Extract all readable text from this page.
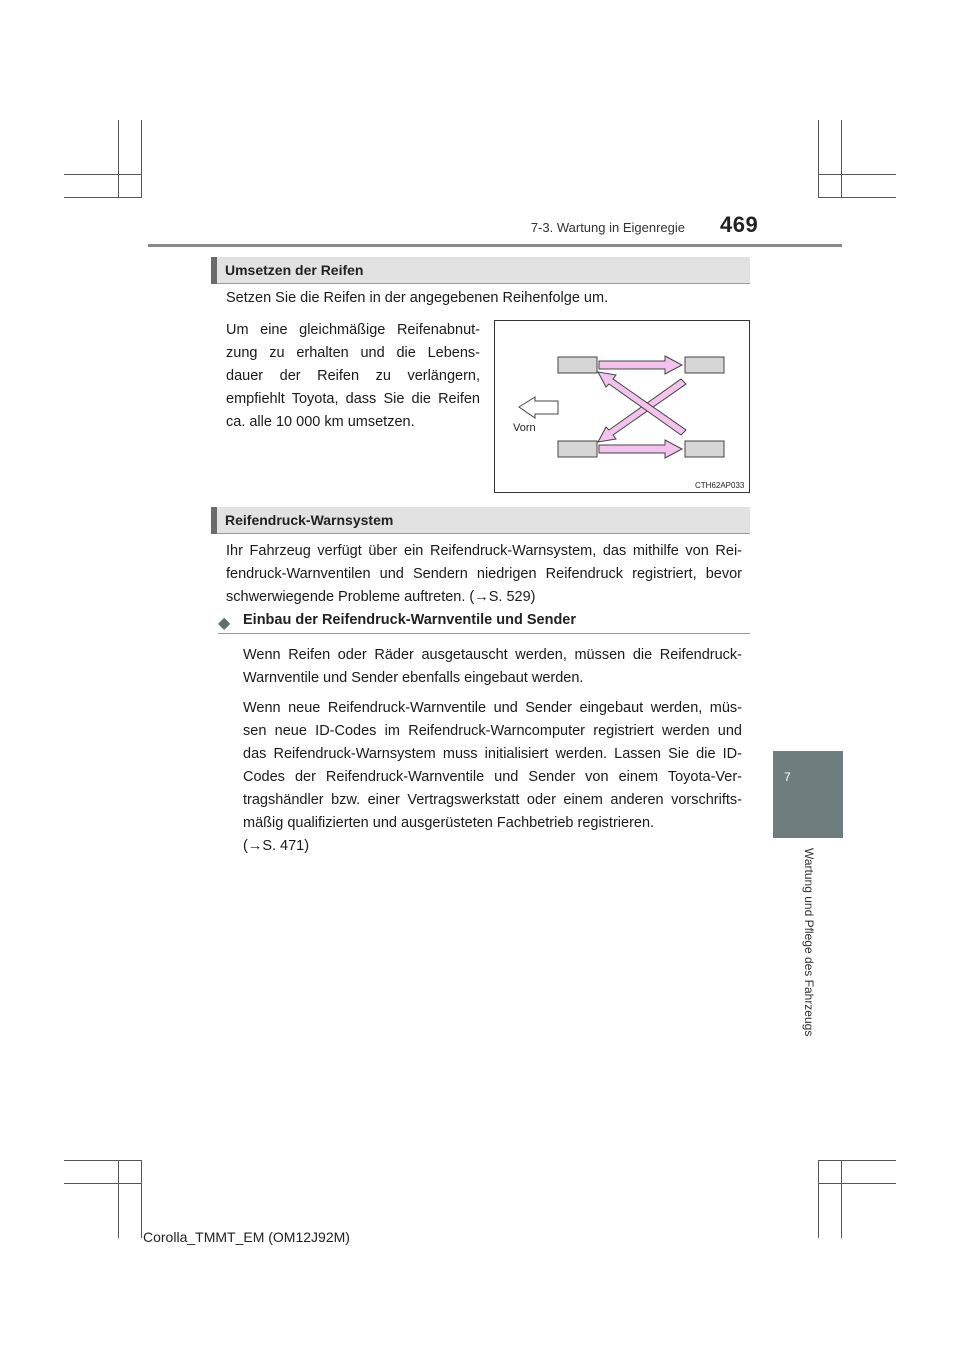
7-3. Wartung in Eigenregie 469
7
Wartung und Pflege des Fahrzeugs
Umsetzen der Reifen
Setzen Sie die Reifen in der angegebenen Reihenfolge um.
Um eine gleichmäßige Reifenabnut-
zung zu erhalten und die Lebens-
dauer der Reifen zu verlängern,
empfiehlt Toyota, dass Sie die Reifen
ca. alle 10 000 km umsetzen.	Vorn
CTH62AP033
Reifendruck-Warnsystem
Ihr Fahrzeug verfügt über ein Reifendruck-Warnsystem, das mithilfe von Rei-
fendruck-Warnventilen und Sendern niedrigen Reifendruck registriert, bevor
schwerwiegende Probleme auftreten. (→S. 529)
◆ Einbau der Reifendruck-Warnventile und Sender
Wenn Reifen oder Räder ausgetauscht werden, müssen die Reifendruck-
Warnventile und Sender ebenfalls eingebaut werden.
Wenn neue Reifendruck-Warnventile und Sender eingebaut werden, müs-
sen neue ID-Codes im Reifendruck-Warncomputer registriert werden und
das Reifendruck-Warnsystem muss initialisiert werden. Lassen Sie die ID-
Codes der Reifendruck-Warnventile und Sender von einem Toyota-Ver-
tragshändler bzw. einer Vertragswerkstatt oder einem anderen vorschrifts-
mäßig qualifizierten und ausgerüsteten Fachbetrieb registrieren.
(→S. 471)
Corolla_TMMT_EM (OM12J92M)
